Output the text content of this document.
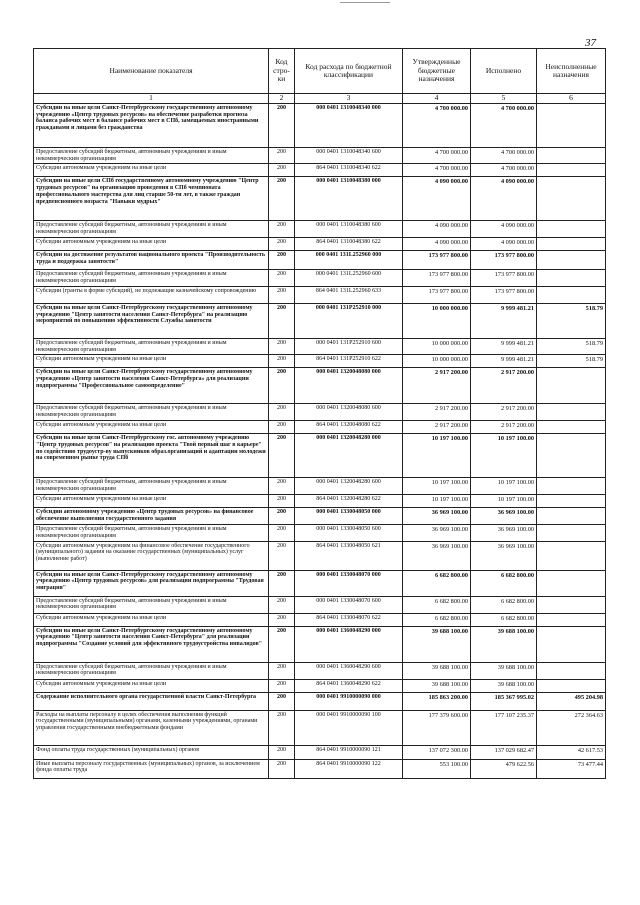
37
Наименование показателя	Код стро-ки	Код расхода по бюджетной классификации	Утвержденные бюджетные назначения	Исполнено	Неисполненные назначения
1	2	3	4	5	6
Субсидии на иные цели Санкт-Петербургскому государственному автономному учреждению «Центр трудовых ресурсов» на обеспечение разработки прогноза баланса рабочих мест в балансе рабочих мест в СПб, замещаемых иностранными гражданами и лицами без гражданства	200	000 0401 1310048340 000	4 700 000.00	4 700 000.00	
Предоставление субсидий бюджетным, автономным учреждениям и иным некоммерческим организациям	200	000 0401 1310048340 600	4 700 000.00	4 700 000.00	
Субсидии автономным учреждениям на иные цели	200	864 0401 1310048340 622	4 700 000.00	4 700 000.00	
Субсидии на иные цели СПб государственному автономному учреждению "Центр трудовых ресурсов" на организацию проведения в СПб чемпионата профессионального мастерства для лиц старше 50-ти лет, в также граждан предпенсионного возраста "Навыки мудрых"	200	000 0401 1310048380 000	4 090 000.00	4 090 000.00	
Предоставление субсидий бюджетным, автономным учреждениям и иным некоммерческим организациям	200	000 0401 1310048380 600	4 090 000.00	4 090 000.00	
Субсидии автономным учреждениям на иные цели	200	864 0401 1310048380 622	4 090 000.00	4 090 000.00	
Субсидии на достижение результатов национального проекта "Производительность труда и поддержка занятости"	200	000 0401 131L252960 000	173 977 800.00	173 977 800.00	
Предоставление субсидий бюджетным, автономным учреждениям и иным некоммерческим организациям	200	000 0401 131L252960 600	173 977 800.00	173 977 800.00	
Субсидии (гранты в форме субсидий), не подлежащие казначейскому сопровождению	200	864 0401 131L252960 633	173 977 800.00	173 977 800.00	
Субсидии на иные цели Санкт-Петербургскому государственному автономному учреждению "Центр занятости населения Санкт-Петербурга" на реализацию мероприятий по повышению эффективности Службы занятости	200	000 0401 131P252910 000	10 000 000.00	9 999 481.21	518.79
Предоставление субсидий бюджетным, автономным учреждениям и иным некоммерческим организациям	200	000 0401 131P252910 600	10 000 000.00	9 999 481.21	518.79
Субсидии автономным учреждениям на иные цели	200	864 0401 131P252910 622	10 000 000.00	9 999 481.21	518.79
Субсидии на иные цели Санкт-Петербургскому государственному автономному учреждению «Центр занятости населения Санкт-Петербурга» для реализации подпрограммы "Профессиональное самоопределение"	200	000 0401 1320048080 000	2 917 200.00	2 917 200.00	
Предоставление субсидий бюджетным, автономным учреждениям и иным некоммерческим организациям	200	000 0401 1320048080 600	2 917 200.00	2 917 200.00	
Субсидии автономным учреждениям на иные цели	200	864 0401 1320048080 622	2 917 200.00	2 917 200.00	
Субсидии на иные цели Санкт-Петербургскому гос. автономному учреждению "Центр трудовых ресурсов" на реализацию проекта "Твой первый шаг в карьере" по содействию трудоустр-ву выпускников образ.организаций и адаптации молодежи на современном рынке труда СПб	200	000 0401 1320048280 000	10 197 100.00	10 197 100.00	
Предоставление субсидий бюджетным, автономным учреждениям и иным некоммерческим организациям	200	000 0401 1320048280 600	10 197 100.00	10 197 100.00	
Субсидии автономным учреждениям на иные цели	200	864 0401 1320048280 622	10 197 100.00	10 197 100.00	
Субсидии автономному учреждению «Центр трудовых ресурсов» на финансовое обеспечение выполнения государственного задания	200	000 0401 1330048050 000	36 969 100.00	36 969 100.00	
Предоставление субсидий бюджетным, автономным учреждениям и иным некоммерческим организациям	200	000 0401 1330048050 600	36 969 100.00	36 969 100.00	
Субсидии автономным учреждениям на финансовое обеспечение государственного (муниципального) задания на оказание государственных (муниципальных) услуг (выполнение работ)	200	864 0401 1330048050 621	36 969 100.00	36 969 100.00	
Субсидии на иные цели Санкт-Петербургскому государственному автономному учреждению «Центр трудовых ресурсов» для реализации подпрограммы "Трудовая миграция"	200	000 0401 1330048070 000	6 682 800.00	6 682 800.00	
Предоставление субсидий бюджетным, автономным учреждениям и иным некоммерческим организациям	200	000 0401 1330048070 600	6 682 800.00	6 682 800.00	
Субсидии автономным учреждениям на иные цели	200	864 0401 1330048070 622	6 682 800.00	6 682 800.00	
Субсидии на иные цели Санкт-Петербургскому государственному автономному учреждению "Центр занятости населения Санкт-Петербурга" для реализации подпрограммы "Создание условий для эффективного трудоустройства инвалидов"	200	000 0401 1360048290 000	39 688 100.00	39 688 100.00	
Предоставление субсидий бюджетным, автономным учреждениям и иным некоммерческим организациям	200	000 0401 1360048290 600	39 688 100.00	39 688 100.00	
Субсидии автономным учреждениям на иные цели	200	864 0401 1360048290 622	39 688 100.00	39 688 100.00	
Содержание исполнительного органа государственной власти Санкт-Петербурга	200	000 0401 9910000090 000	185 863 200.00	185 367 995.02	495 204.98
Расходы на выплаты персоналу в целях обеспечения выполнения функций государственными (муниципальными) органами, казенными учреждениями, органами управления государственными внебюджетными фондами	200	000 0401 9910000090 100	177 379 600.00	177 107 235.37	272 364.63
Фонд оплаты труда государственных (муниципальных) органов	200	864 0401 9910000090 121	137 072 300.00	137 029 682.47	42 617.53
Иные выплаты персоналу государственных (муниципальных) органов, за исключением фонда оплаты труда	200	864 0401 9910000090 122	553 100.00	479 622.56	73 477.44
